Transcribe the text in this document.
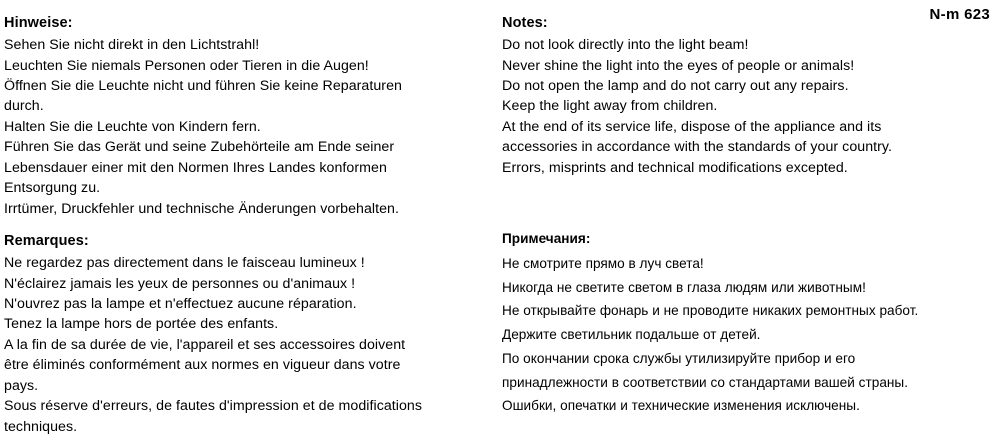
N-m 623
Hinweise:
Sehen Sie nicht direkt in den Lichtstrahl!
Leuchten Sie niemals Personen oder Tieren in die Augen!
Öffnen Sie die Leuchte nicht und führen Sie keine Reparaturen
durch.
Halten Sie die Leuchte von Kindern fern.
Führen Sie das Gerät und seine Zubehörteile am Ende seiner
Lebensdauer einer mit den Normen Ihres Landes konformen
Entsorgung zu.
Irrtümer, Druckfehler und technische Änderungen vorbehalten.
Remarques:
Ne regardez pas directement dans le faisceau lumineux !
N'éclairez jamais les yeux de personnes ou d'animaux !
N'ouvrez pas la lampe et n'effectuez aucune réparation.
Tenez la lampe hors de portée des enfants.
A la fin de sa durée de vie, l'appareil et ses accessoires doivent
être éliminés conformément aux normes en vigueur dans votre
pays.
Sous réserve d'erreurs, de fautes d'impression et de modifications
techniques.
Notes:
Do not look directly into the light beam!
Never shine the light into the eyes of people or animals!
Do not open the lamp and do not carry out any repairs.
Keep the light away from children.
At the end of its service life, dispose of the appliance and its
accessories in accordance with the standards of your country.
Errors, misprints and technical modifications excepted.
Примечания:
Не смотрите прямо в луч света!
Никогда не светите светом в глаза людям или животным!
Не открывайте фонарь и не проводите никаких ремонтных работ.
Держите светильник подальше от детей.
По окончании срока службы утилизируйте прибор и его
принадлежности в соответствии со стандартами вашей страны.
Ошибки, опечатки и технические изменения исключены.
